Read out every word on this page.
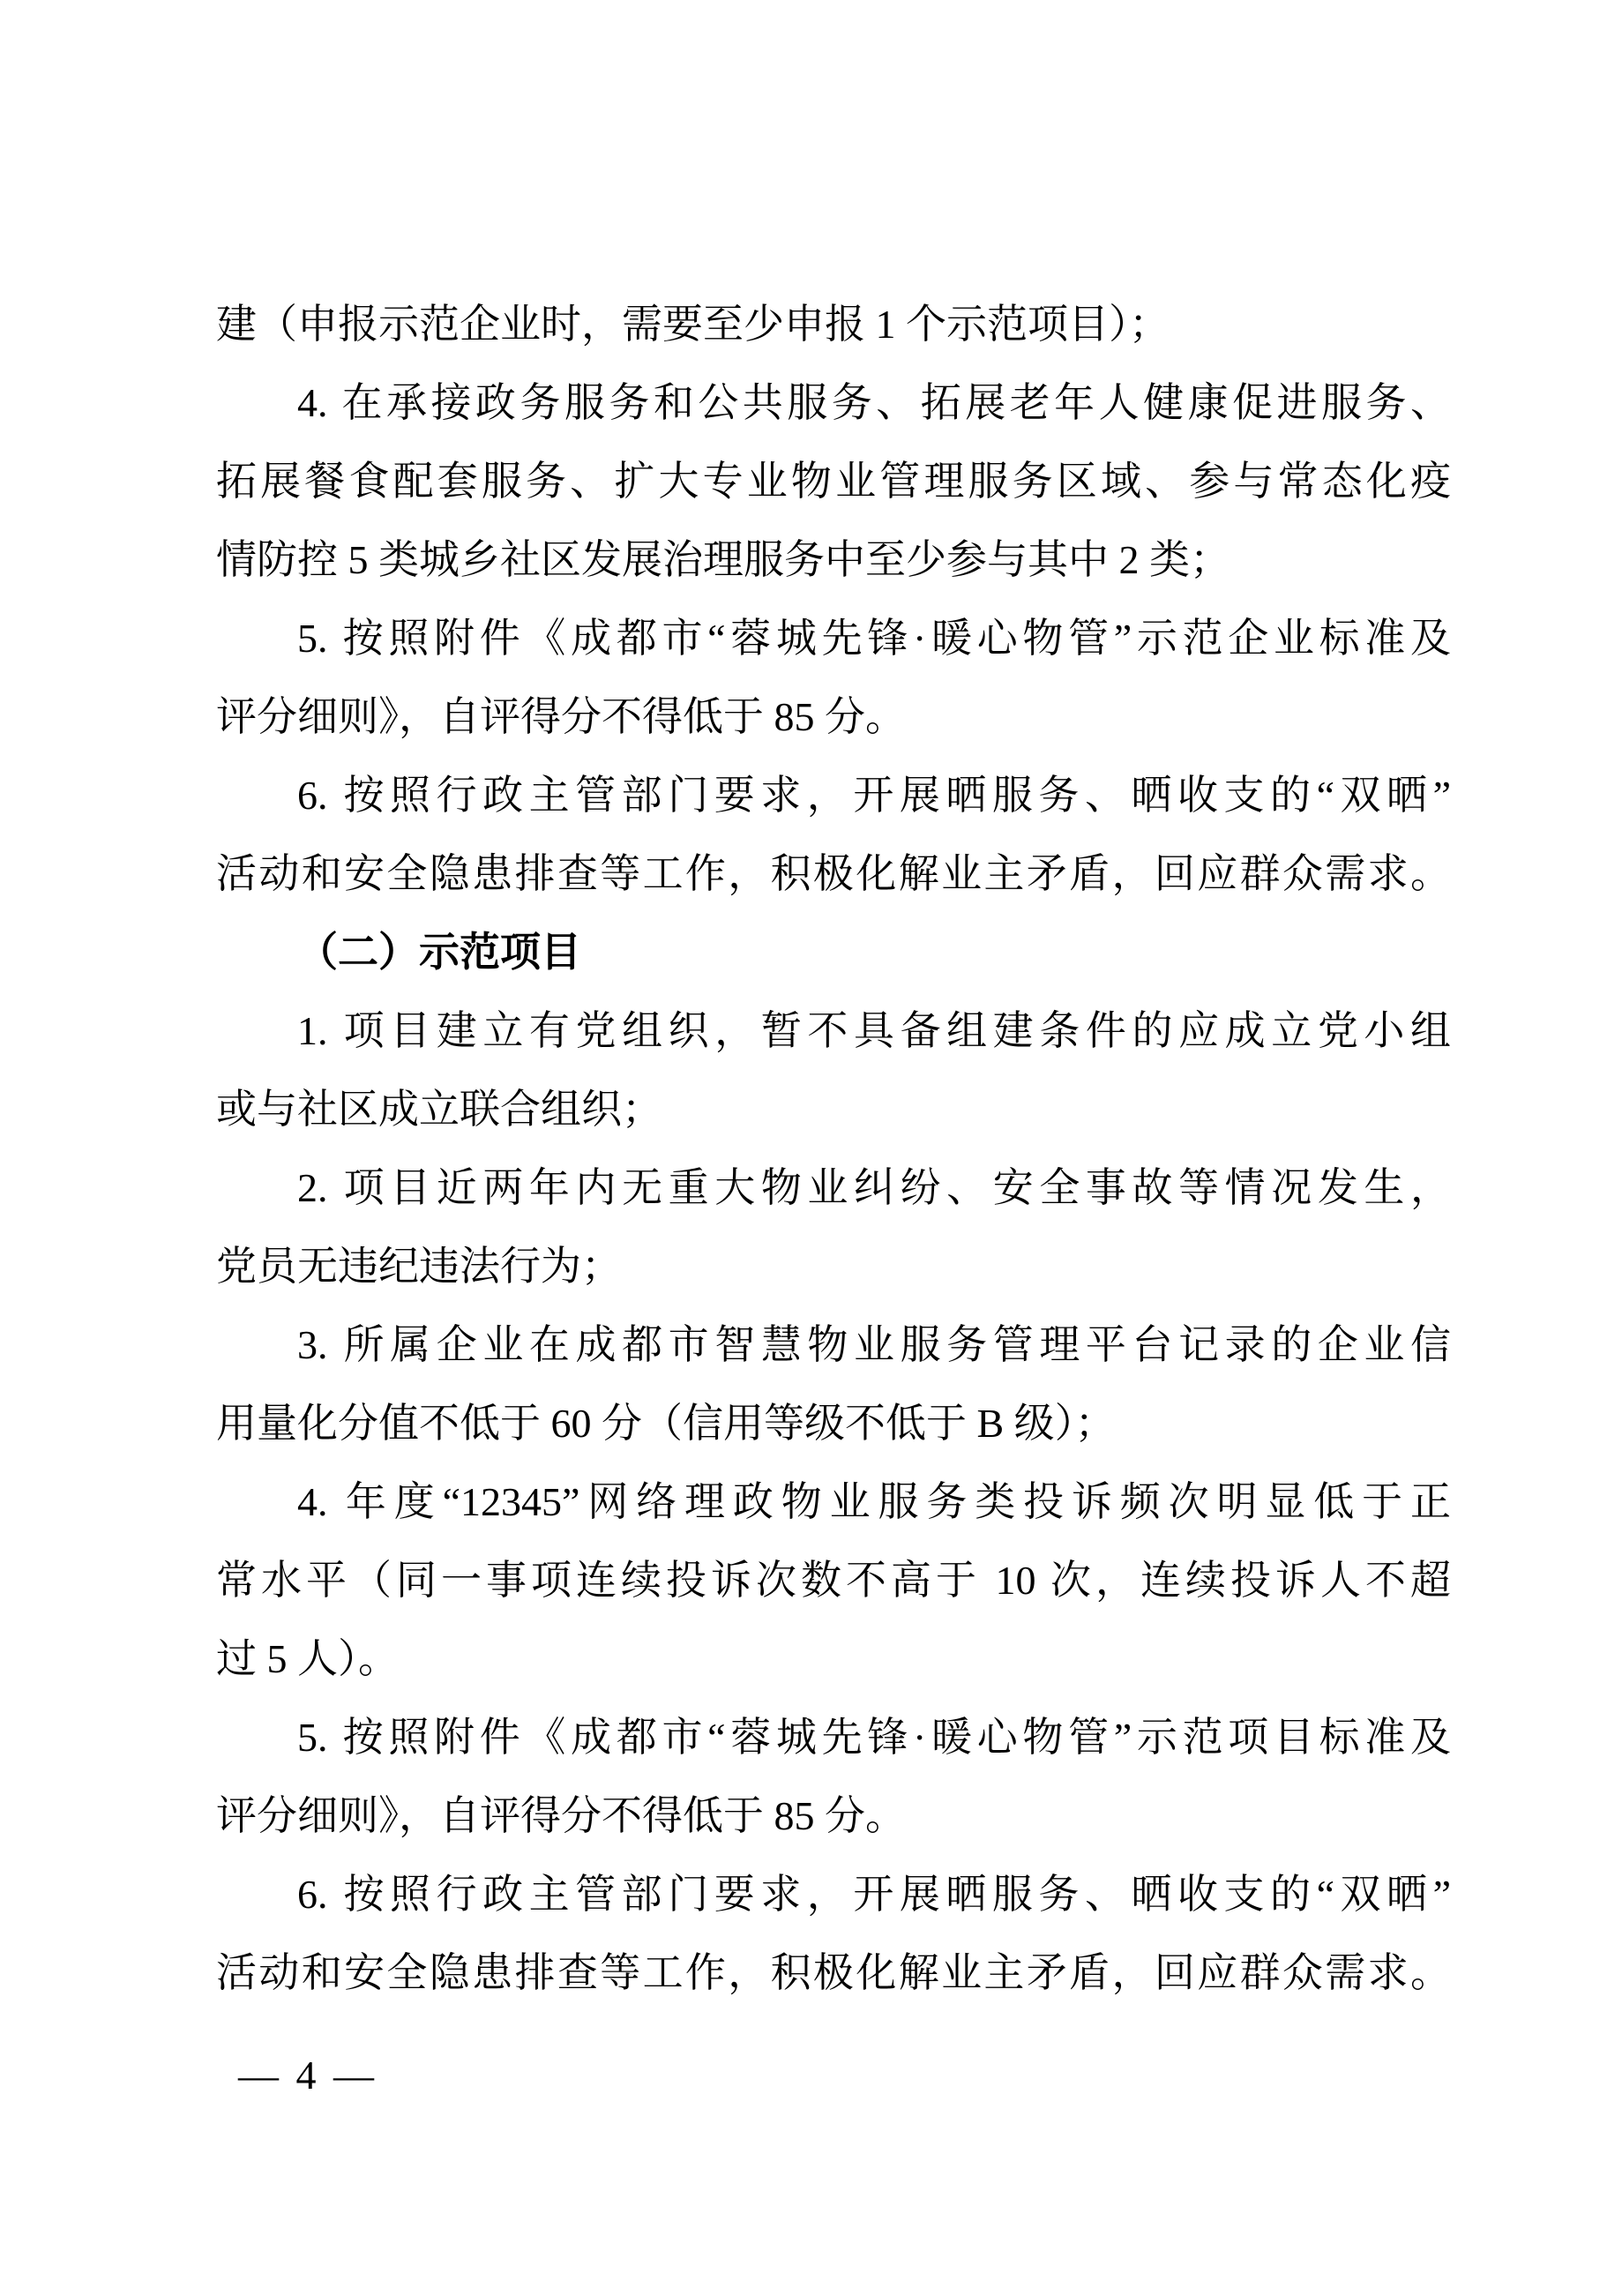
建（申报示范企业时，需要至少申报 1 个示范项目）；
4. 在承接政务服务和公共服务、拓展老年人健康促进服务、
拓展餐食配套服务、扩大专业物业管理服务区域、参与常态化疫
情防控 5 类城乡社区发展治理服务中至少参与其中 2 类；
5. 按照附件《成都市“蓉城先锋·暖心物管”示范企业标准及
评分细则》，自评得分不得低于 85 分。
6. 按照行政主管部门要求，开展晒服务、晒收支的“双晒”
活动和安全隐患排查等工作，积极化解业主矛盾，回应群众需求。
（二）示范项目
1. 项目建立有党组织，暂不具备组建条件的应成立党小组
或与社区成立联合组织；
2. 项目近两年内无重大物业纠纷、安全事故等情况发生，
党员无违纪违法行为；
3. 所属企业在成都市智慧物业服务管理平台记录的企业信
用量化分值不低于 60 分（信用等级不低于 B 级）；
4. 年度“12345”网络理政物业服务类投诉频次明显低于正
常水平（同一事项连续投诉次数不高于 10 次，连续投诉人不超
过 5 人）。
5. 按照附件《成都市“蓉城先锋·暖心物管”示范项目标准及
评分细则》，自评得分不得低于 85 分。
6. 按照行政主管部门要求，开展晒服务、晒收支的“双晒”
活动和安全隐患排查等工作，积极化解业主矛盾，回应群众需求。
— 4 —
